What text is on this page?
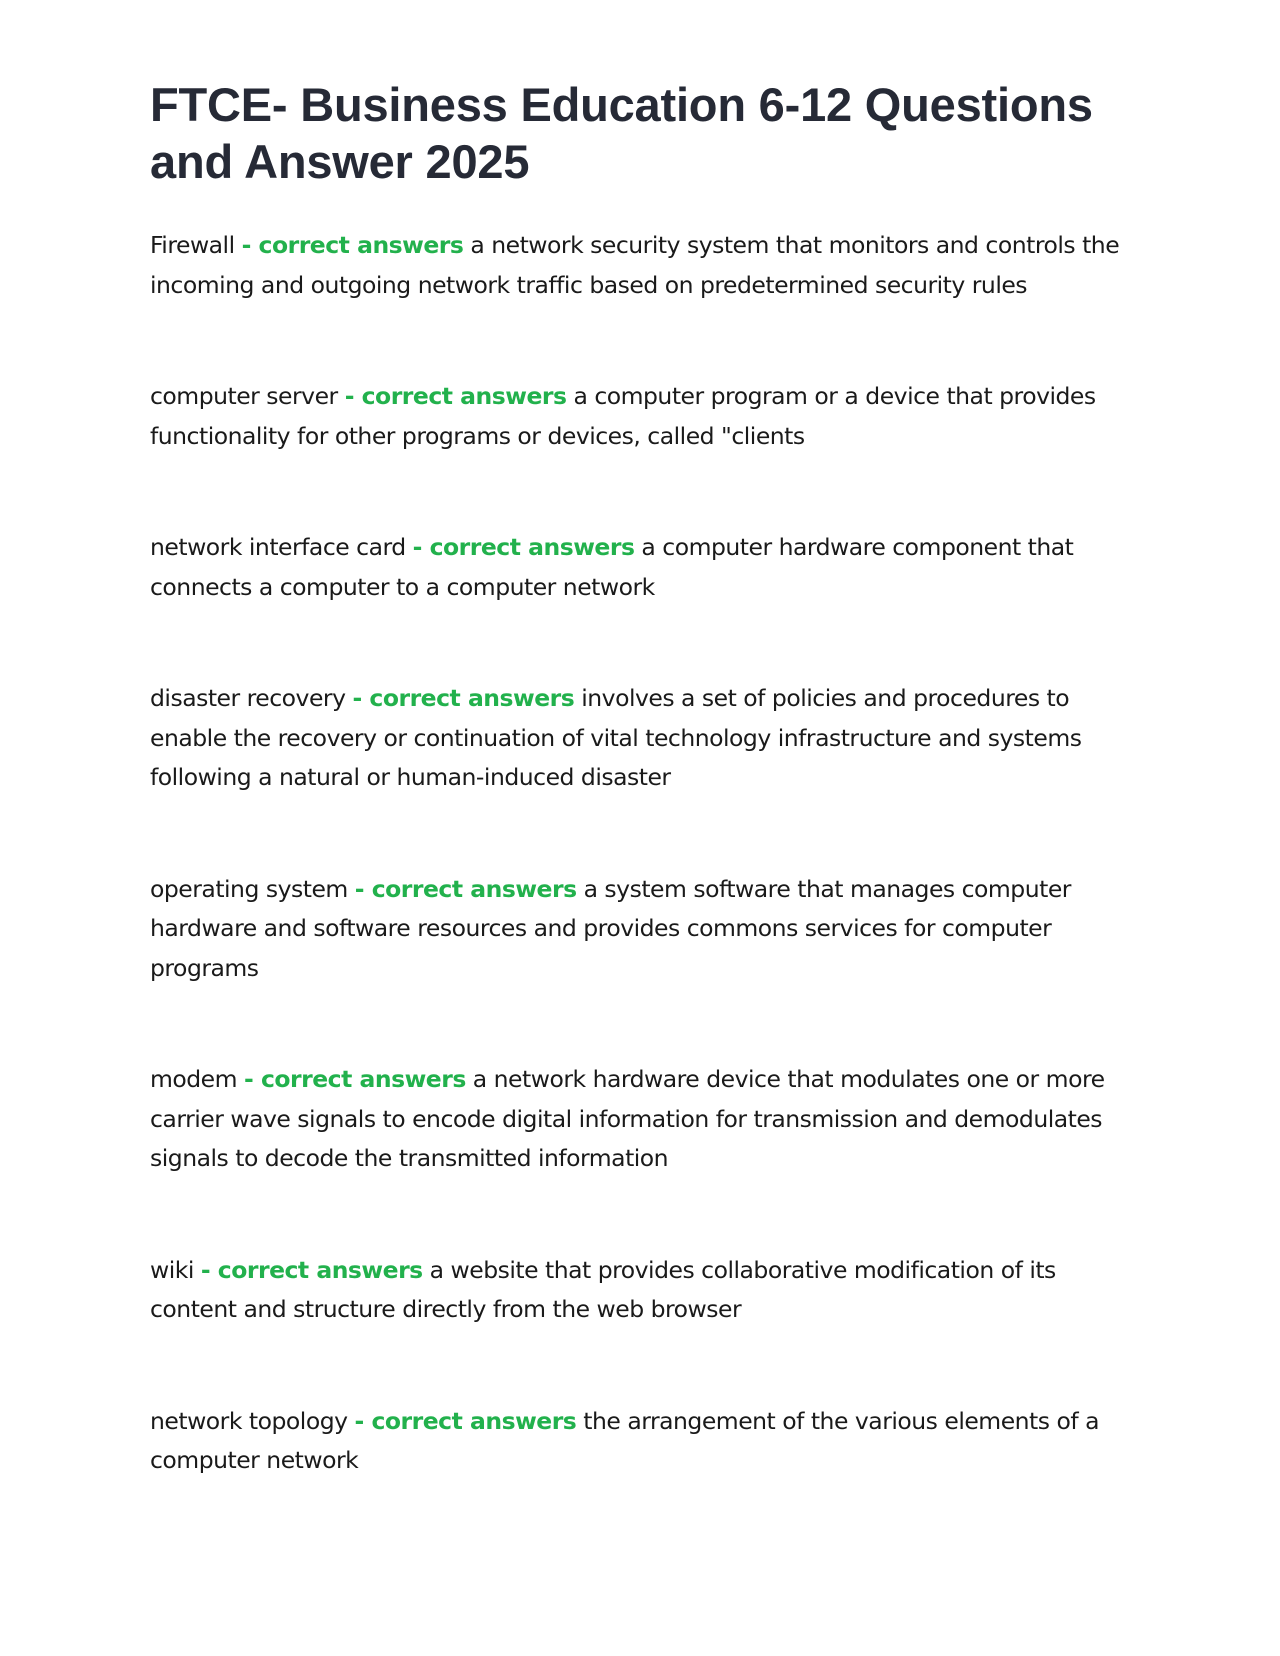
FTCE- Business Education 6-12 Questions and Answer 2025

Firewall - correct answers a network security system that monitors and controls the incoming and outgoing network traffic based on predetermined security rules

computer server - correct answers a computer program or a device that provides functionality for other programs or devices, called "clients

network interface card - correct answers a computer hardware component that connects a computer to a computer network

disaster recovery - correct answers involves a set of policies and procedures to enable the recovery or continuation of vital technology infrastructure and systems following a natural or human-induced disaster

operating system - correct answers a system software that manages computer hardware and software resources and provides commons services for computer programs

modem - correct answers a network hardware device that modulates one or more carrier wave signals to encode digital information for transmission and demodulates signals to decode the transmitted information

wiki - correct answers a website that provides collaborative modification of its content and structure directly from the web browser

network topology - correct answers the arrangement of the various elements of a computer network
